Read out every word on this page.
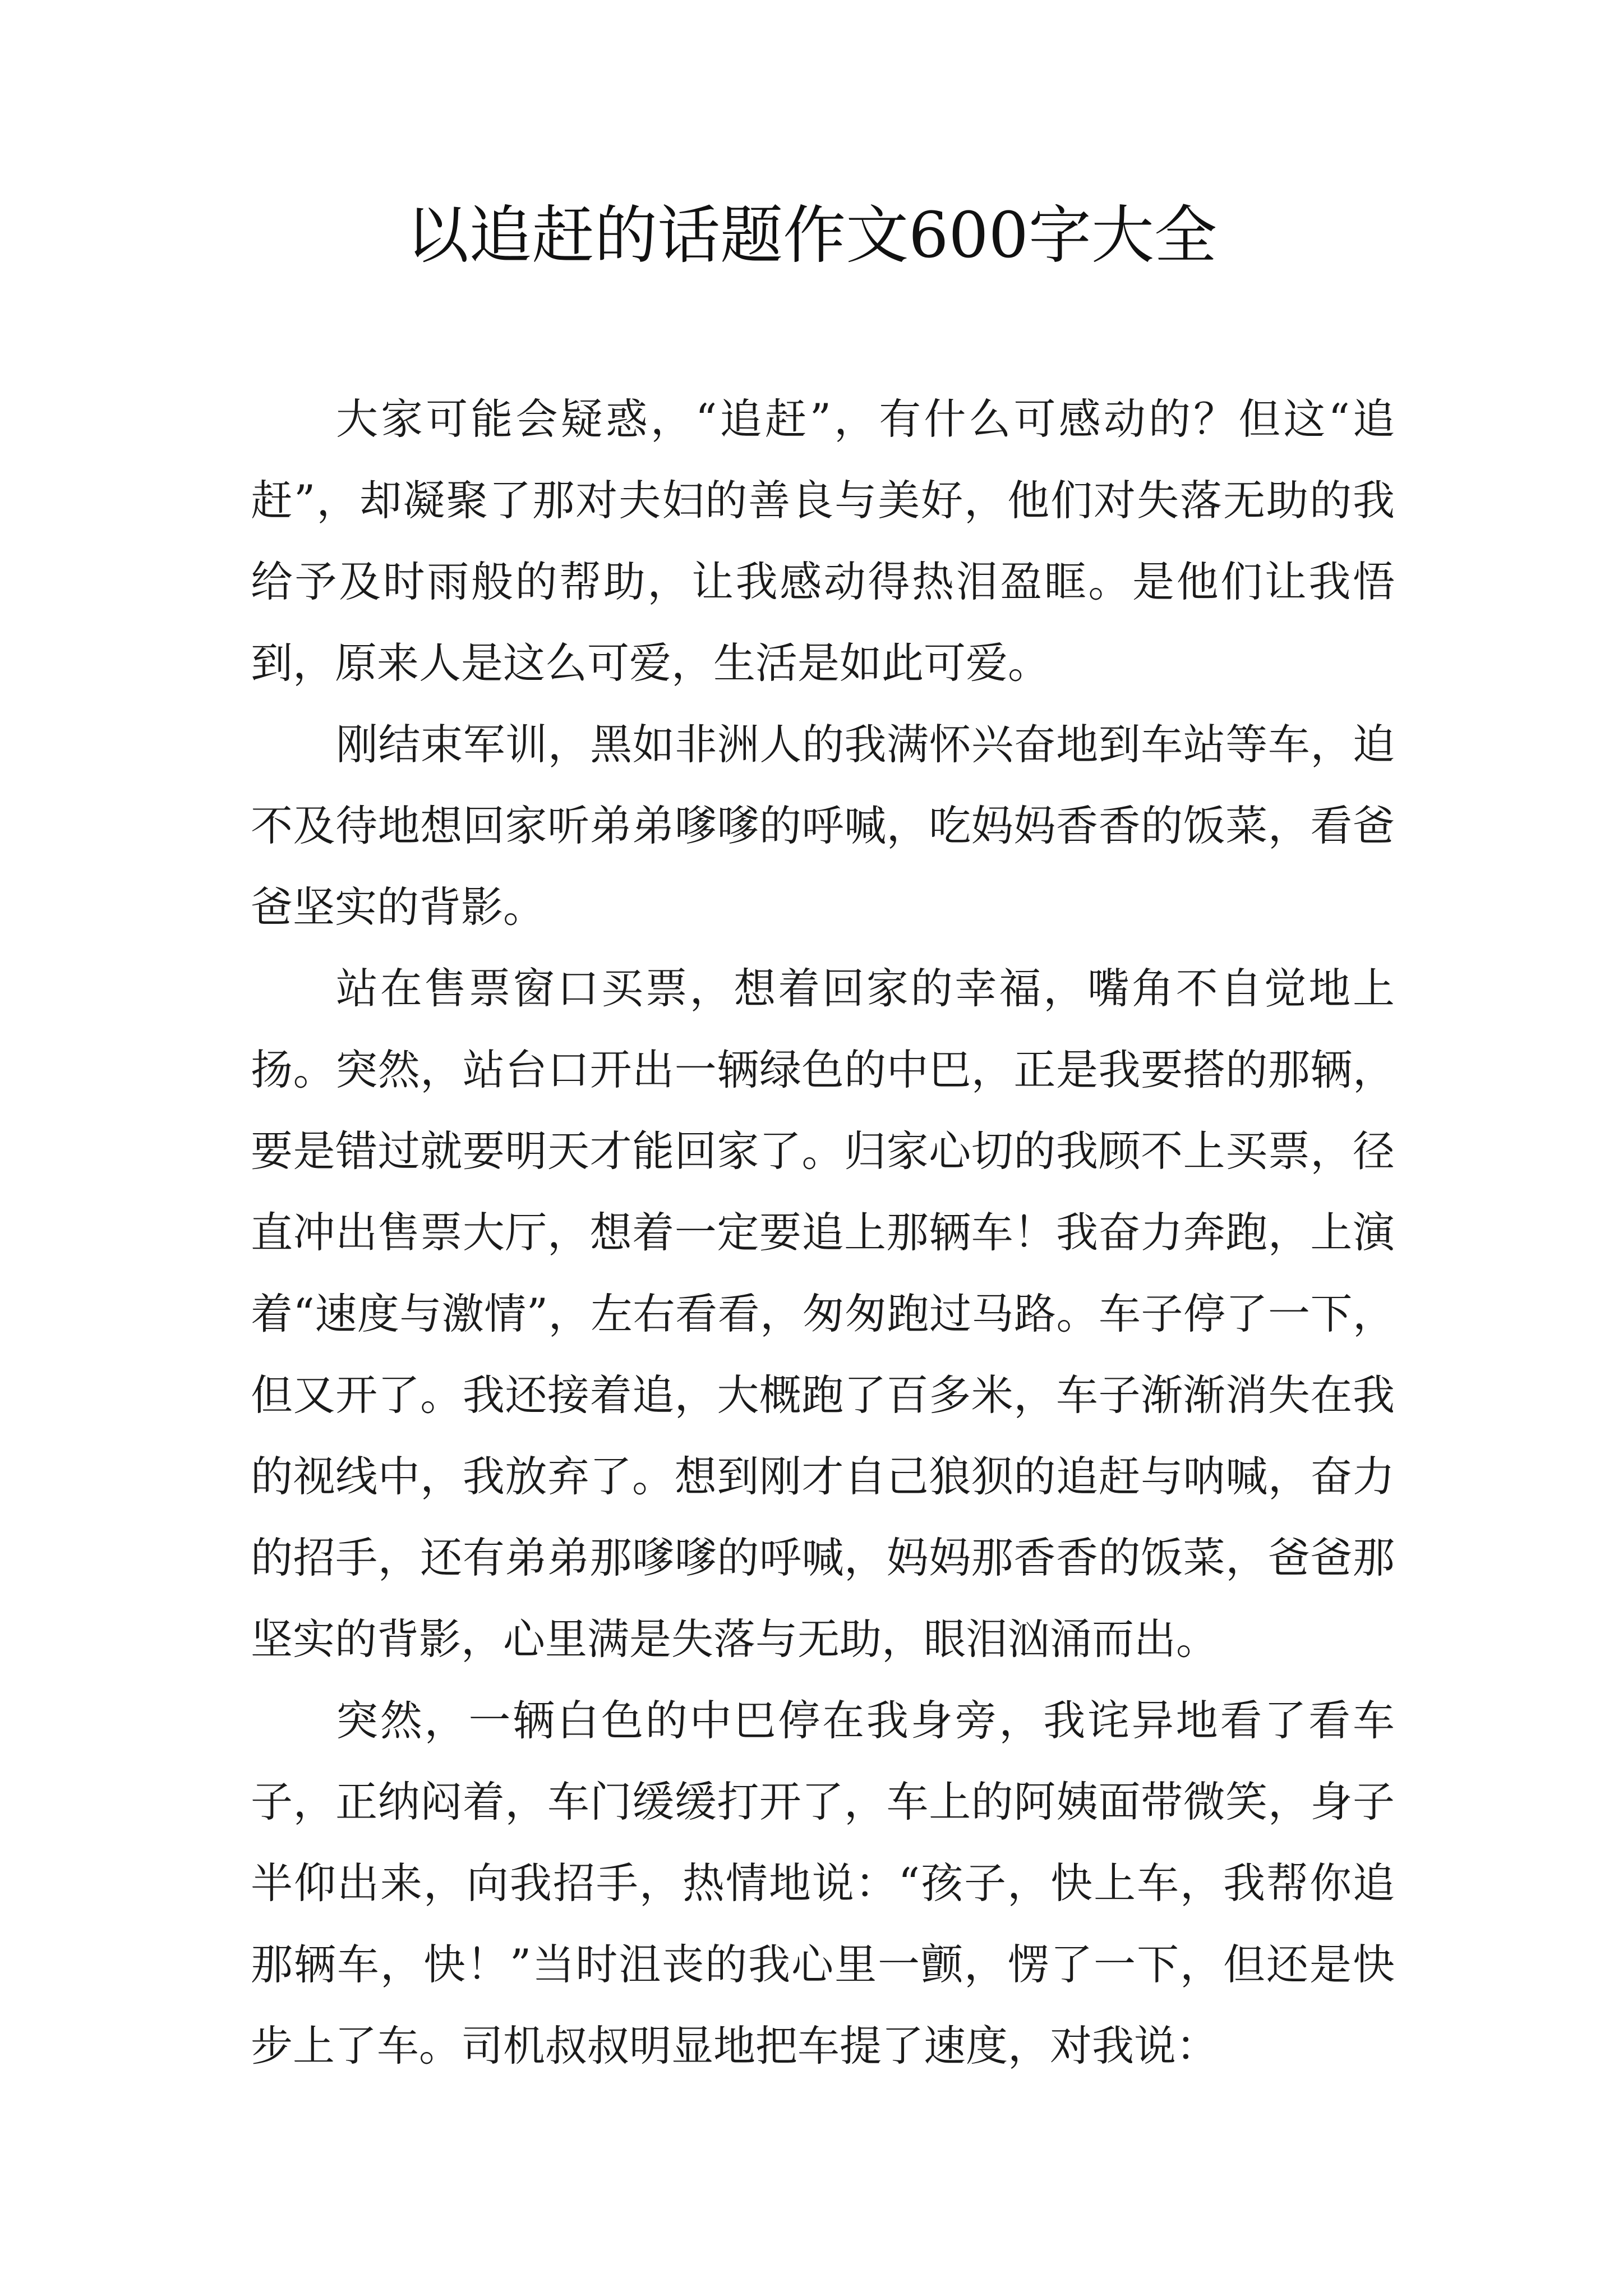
以追赶的话题作文600字大全

大家可能会疑惑，“追赶”，有什么可感动的？但这“追赶”，却凝聚了那对夫妇的善良与美好，他们对失落无助的我给予及时雨般的帮助，让我感动得热泪盈眶。是他们让我悟到，原来人是这么可爱，生活是如此可爱。

刚结束军训，黑如非洲人的我满怀兴奋地到车站等车，迫不及待地想回家听弟弟嗲嗲的呼喊，吃妈妈香香的饭菜，看爸爸坚实的背影。

站在售票窗口买票，想着回家的幸福，嘴角不自觉地上扬。突然，站台口开出一辆绿色的中巴，正是我要搭的那辆，要是错过就要明天才能回家了。归家心切的我顾不上买票，径直冲出售票大厅，想着一定要追上那辆车！我奋力奔跑，上演着“速度与激情”，左右看看，匆匆跑过马路。车子停了一下，但又开了。我还接着追，大概跑了百多米，车子渐渐消失在我的视线中，我放弃了。想到刚才自己狼狈的追赶与呐喊，奋力的招手，还有弟弟那嗲嗲的呼喊，妈妈那香香的饭菜，爸爸那坚实的背影，心里满是失落与无助，眼泪汹涌而出。

突然，一辆白色的中巴停在我身旁，我诧异地看了看车子，正纳闷着，车门缓缓打开了，车上的阿姨面带微笑，身子半仰出来，向我招手，热情地说：“孩子，快上车，我帮你追那辆车，快！”当时沮丧的我心里一颤，愣了一下，但还是快步上了车。司机叔叔明显地把车提了速度，对我说：
